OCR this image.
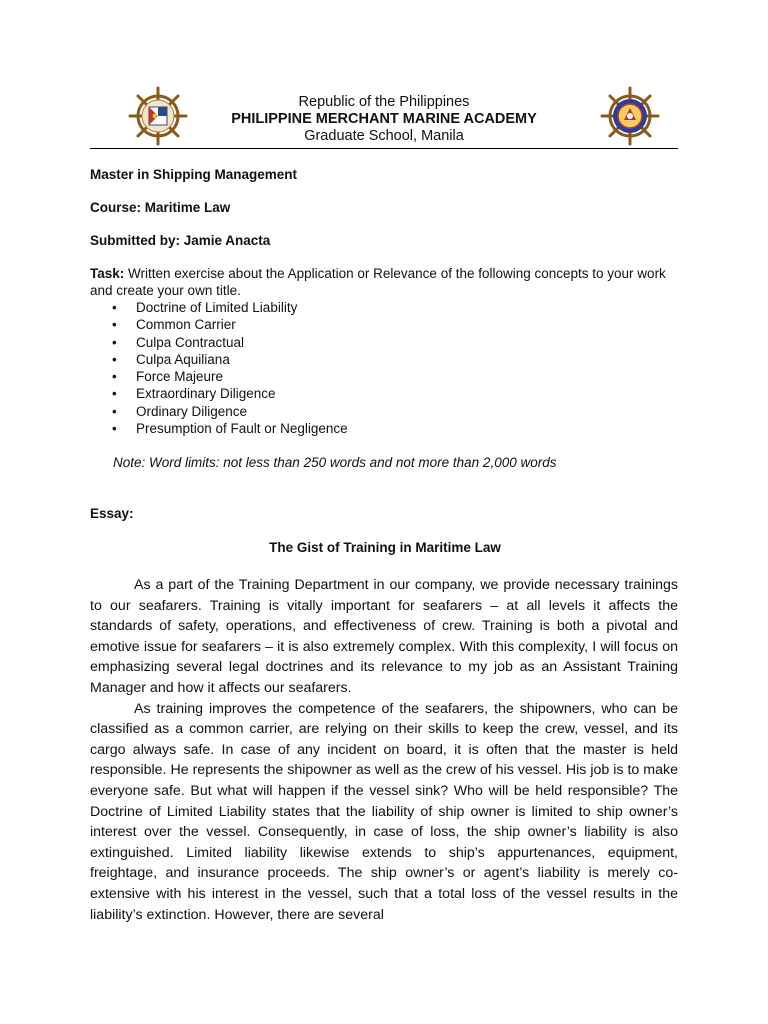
Republic of the Philippines
PHILIPPINE MERCHANT MARINE ACADEMY
Graduate School, Manila
Master in Shipping Management
Course: Maritime Law
Submitted by: Jamie Anacta
Task: Written exercise about the Application or Relevance of the following concepts to your work and create your own title.
• Doctrine of Limited Liability
• Common Carrier
• Culpa Contractual
• Culpa Aquiliana
• Force Majeure
• Extraordinary Diligence
• Ordinary Diligence
• Presumption of Fault or Negligence
Note: Word limits: not less than 250 words and not more than 2,000 words
Essay:
The Gist of Training in Maritime Law

As a part of the Training Department in our company, we provide necessary trainings to our seafarers. Training is vitally important for seafarers – at all levels it affects the standards of safety, operations, and effectiveness of crew. Training is both a pivotal and emotive issue for seafarers – it is also extremely complex. With this complexity, I will focus on emphasizing several legal doctrines and its relevance to my job as an Assistant Training Manager and how it affects our seafarers.

As training improves the competence of the seafarers, the shipowners, who can be classified as a common carrier, are relying on their skills to keep the crew, vessel, and its cargo always safe. In case of any incident on board, it is often that the master is held responsible. He represents the shipowner as well as the crew of his vessel. His job is to make everyone safe. But what will happen if the vessel sink? Who will be held responsible? The Doctrine of Limited Liability states that the liability of ship owner is limited to ship owner’s interest over the vessel. Consequently, in case of loss, the ship owner’s liability is also extinguished. Limited liability likewise extends to ship’s appurtenances, equipment, freightage, and insurance proceeds. The ship owner’s or agent’s liability is merely co-extensive with his interest in the vessel, such that a total loss of the vessel results in the liability’s extinction. However, there are several
